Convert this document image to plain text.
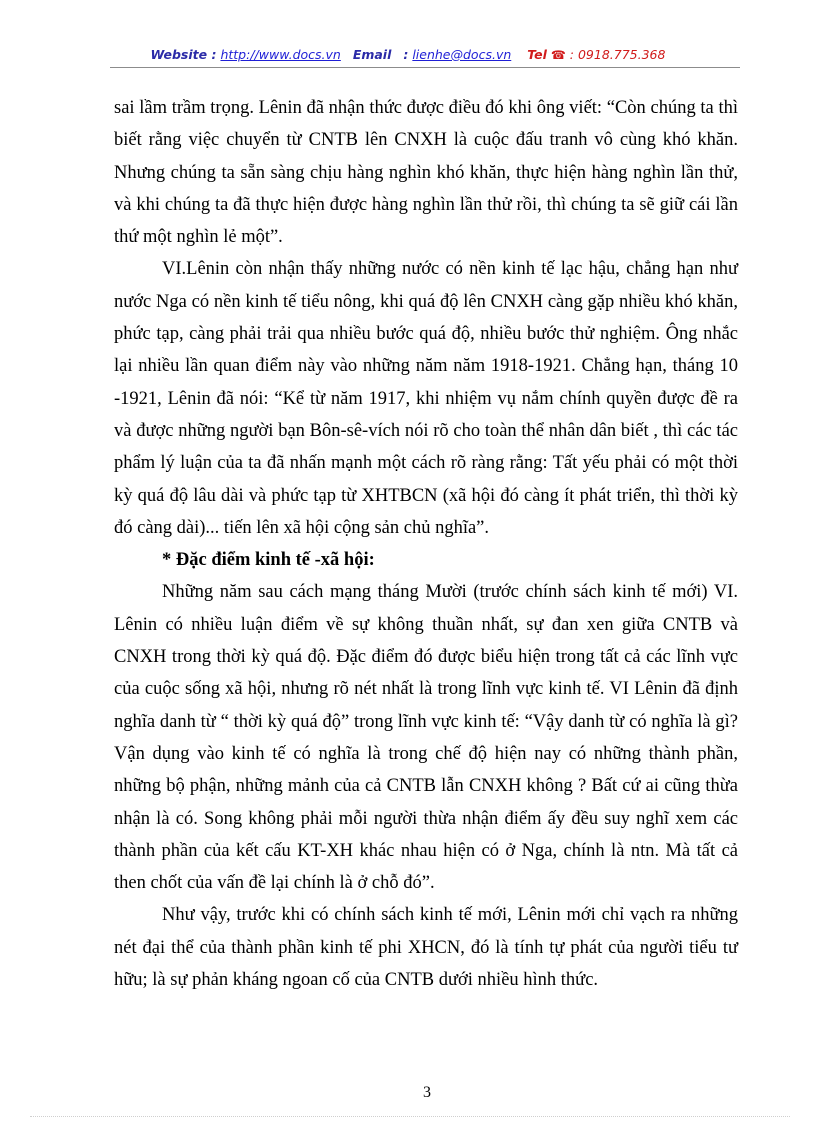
Website : http://www.docs.vn Email : lienhe@docs.vn Tel ☎ : 0918.775.368

sai lầm trầm trọng. Lênin đã nhận thức được điều đó khi ông viết: “Còn chúng ta thì biết rằng việc chuyển từ CNTB lên CNXH là cuộc đấu tranh vô cùng khó khăn. Nhưng chúng ta sẵn sàng chịu hàng nghìn khó khăn, thực hiện hàng nghìn lần thử, và khi chúng ta đã thực hiện được hàng nghìn lần thử rồi, thì chúng ta sẽ giữ cái lần thứ một nghìn lẻ một”.

VI.Lênin còn nhận thấy những nước có nền kinh tế lạc hậu, chẳng hạn như nước Nga có nền kinh tế tiểu nông, khi quá độ lên CNXH càng gặp nhiều khó khăn, phức tạp, càng phải trải qua nhiều bước quá độ, nhiều bước thử nghiệm. Ông nhắc lại nhiều lần quan điểm này vào những năm năm 1918-1921. Chẳng hạn, tháng 10 -1921, Lênin đã nói: “Kể từ năm 1917, khi nhiệm vụ nắm chính quyền được đề ra và được những người bạn Bôn-sê-vích nói rõ cho toàn thể nhân dân biết , thì các tác phẩm lý luận của ta đã nhấn mạnh một cách rõ ràng rằng: Tất yếu phải có một thời kỳ quá độ lâu dài và phức tạp từ XHTBCN (xã hội đó càng ít phát triển, thì thời kỳ đó càng dài)... tiến lên xã hội cộng sản chủ nghĩa”.

* Đặc điểm kinh tế -xã hội:

Những năm sau cách mạng tháng Mười (trước chính sách kinh tế mới) VI. Lênin có nhiều luận điểm về sự không thuần nhất, sự đan xen giữa CNTB và CNXH trong thời kỳ quá độ. Đặc điểm đó được biểu hiện trong tất cả các lĩnh vực của cuộc sống xã hội, nhưng rõ nét nhất là trong lĩnh vực kinh tế. VI Lênin đã định nghĩa danh từ “ thời kỳ quá độ” trong lĩnh vực kinh tế: “Vậy danh từ có nghĩa là gì? Vận dụng vào kinh tế có nghĩa là trong chế độ hiện nay có những thành phần, những bộ phận, những mảnh của cả CNTB lẫn CNXH không ? Bất cứ ai cũng thừa nhận là có. Song không phải mỗi người thừa nhận điểm ấy đều suy nghĩ xem các thành phần của kết cấu KT-XH khác nhau hiện có ở Nga, chính là ntn. Mà tất cả then chốt của vấn đề lại chính là ở chỗ đó”.

Như vậy, trước khi có chính sách kinh tế mới, Lênin mới chỉ vạch ra những nét đại thể của thành phần kinh tế phi XHCN, đó là tính tự phát của người tiểu tư hữu; là sự phản kháng ngoan cố của CNTB dưới nhiều hình thức.

3
